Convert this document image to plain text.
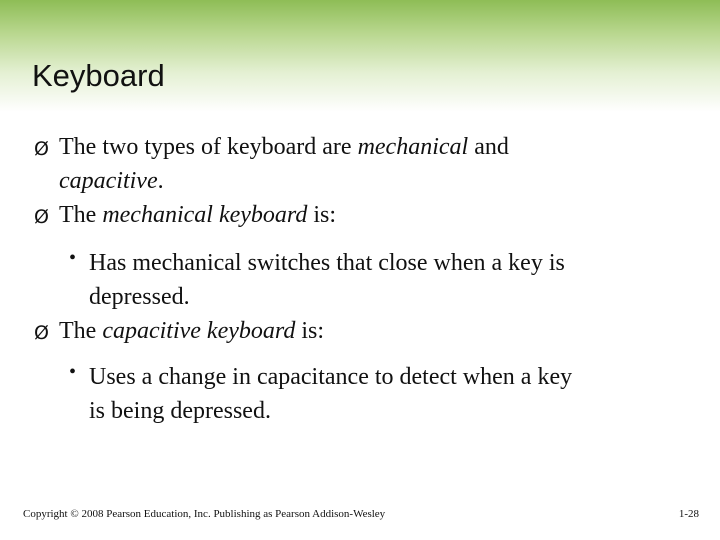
Keyboard
Ø The two types of keyboard are mechanical and
capacitive.
Ø The mechanical keyboard is:
• Has mechanical switches that close when a key is
depressed.
Ø The capacitive keyboard is:
• Uses a change in capacitance to detect when a key
is being depressed.
Copyright © 2008 Pearson Education, Inc. Publishing as Pearson Addison-Wesley	1-28
